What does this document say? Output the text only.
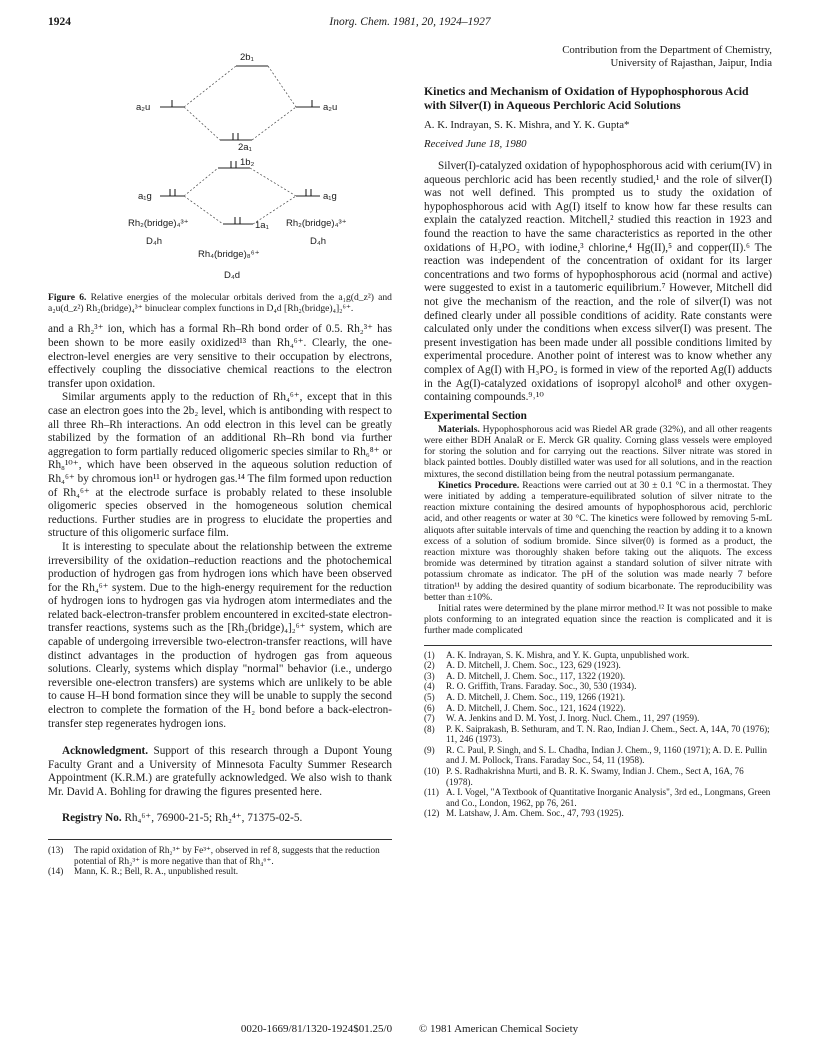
1924	Inorg. Chem. 1981, 20, 1924–1927
2b₁
a₂u	a₂u
2a₁
1b₂
a₁g	a₁g
1a₁
Rh₂(bridge)₄³⁺	Rh₂(bridge)₄³⁺
D₄h	D₄h
Rh₄(bridge)₈⁶⁺
D₄d

Figure 6. Relative energies of the molecular orbitals derived from the a₁g(d_z²) and a₂u(d_z²) Rh₂(bridge)₄³⁺ binuclear complex functions in D₄d [Rh₂(bridge)₄]₂⁶⁺.

and a Rh₂³⁺ ion, which has a formal Rh–Rh bond order of 0.5. Rh₂³⁺ has been shown to be more easily oxidized¹³ than Rh₄⁶⁺. Clearly, the one-electron-level energies are very sensitive to their occupation by electrons, effectively coupling the dissociative chemical reactions to the electron transfer upon oxidation.

Similar arguments apply to the reduction of Rh₄⁶⁺, except that in this case an electron goes into the 2b₂ level, which is antibonding with respect to all three Rh–Rh interactions. An odd electron in this level can be greatly stabilized by the formation of an additional Rh–Rh bond via further aggregation to form partially reduced oligomeric species similar to Rh₆⁸⁺ or Rh₈¹⁰⁺, which have been observed in the aqueous solution reduction of Rh₄⁶⁺ by chromous ion¹¹ or hydrogen gas.¹⁴ The film formed upon reduction of Rh₄⁶⁺ at the electrode surface is probably related to these insoluble oligomeric species observed in the homogeneous solution chemical reductions. Further studies are in progress to elucidate the properties and structure of this oligomeric surface film.

It is interesting to speculate about the relationship between the extreme irreversibility of the oxidation–reduction reactions and the photochemical production of hydrogen gas from hydrogen ions which have been observed for the Rh₄⁶⁺ system. Due to the high-energy requirement for the reduction of hydrogen ions to hydrogen gas via hydrogen atom intermediates and the related back-electron-transfer problem encountered in excited-state electron-transfer reactions, systems such as the [Rh₂(bridge)₄]₂⁶⁺ system, which are capable of undergoing irreversible two-electron-transfer reactions, will have distinct advantages in the production of hydrogen gas from aqueous solutions. Clearly, systems which display "normal" behavior (i.e., undergo reversible one-electron transfers) are systems which are unlikely to be able to cause H–H bond formation since they will be unable to supply the second electron to complete the formation of the H₂ bond before a back-electron-transfer step regenerates hydrogen ions.

Acknowledgment. Support of this research through a Dupont Young Faculty Grant and a University of Minnesota Faculty Summer Research Appointment (K.R.M.) are gratefully acknowledged. We also wish to thank Mr. David A. Bohling for drawing the figures presented here.

Registry No. Rh₄⁶⁺, 76900-21-5; Rh₂⁴⁺, 71375-02-5.

(13)	The rapid oxidation of Rh₂³⁺ by Fe³⁺, observed in ref 8, suggests that the reduction potential of Rh₂³⁺ is more negative than that of Rh₄⁶⁺.
(14)	Mann, K. R.; Bell, R. A., unpublished result.
Contribution from the Department of Chemistry,
University of Rajasthan, Jaipur, India
Kinetics and Mechanism of Oxidation of Hypophosphorous Acid with Silver(I) in Aqueous Perchloric Acid Solutions
A. K. Indrayan, S. K. Mishra, and Y. K. Gupta*
Received June 18, 1980

Silver(I)-catalyzed oxidation of hypophosphorous acid with cerium(IV) in aqueous perchloric acid has been recently studied,¹ and the role of silver(I) was not well defined. This prompted us to study the oxidation of hypophosphorous acid with Ag(I) itself to know how far these results can explain the catalyzed reaction. Mitchell,² studied this reaction in 1923 and found the reaction to have the same characteristics as reported in the other oxidations of H₃PO₂ with iodine,³ chlorine,⁴ Hg(II),⁵ and copper(II).⁶ The reaction was independent of the concentration of oxidant for its larger concentrations and two forms of hypophosphorous acid (normal and active) were suggested to exist in a tautomeric equilibrium.⁷ However, Mitchell did not give the mechanism of the reaction, and the role of silver(I) was not defined clearly under all possible conditions of acidity. Rate constants were calculated only under the conditions when excess silver(I) was present. The present investigation has been made under all possible conditions limited by experimental procedure. Another point of interest was to know whether any complex of Ag(I) with H₃PO₂ is formed in view of the reported Ag(I) adducts in the Ag(I)-catalyzed oxidations of isopropyl alcohol⁸ and other oxygen-containing compounds.⁹˒¹⁰

Experimental Section

Materials. Hypophosphorous acid was Riedel AR grade (32%), and all other reagents were either BDH AnalaR or E. Merck GR quality. Corning glass vessels were employed for storing the solution and for carrying out the reactions. Silver nitrate was stored in black painted bottles. Doubly distilled water was used for all solutions, and in the reaction mixtures, the second distillation being from the neutral potassium permanganate.

Kinetics Procedure. Reactions were carried out at 30 ± 0.1 °C in a thermostat. They were initiated by adding a temperature-equilibrated solution of silver nitrate to the reaction mixture containing the desired amounts of hypophosphorous acid, perchloric acid, and other reagents or water at 30 °C. The kinetics were followed by removing 5-mL aliquots after suitable intervals of time and quenching the reaction by adding it to a known excess of a solution of sodium bromide. Since silver(0) is formed as a product, the reaction mixture was thoroughly shaken before taking out the aliquots. The excess bromide was determined by titration against a standard solution of silver nitrate with potassium chromate as indicator. The pH of the solution was made nearly 7 before titration¹¹ by adding the desired quantity of sodium bicarbonate. The reproducibility was better than ±10%.

Initial rates were determined by the plane mirror method.¹² It was not possible to make plots conforming to an integrated equation since the reaction is complicated and it is further made complicated

(1)	A. K. Indrayan, S. K. Mishra, and Y. K. Gupta, unpublished work.
(2)	A. D. Mitchell, J. Chem. Soc., 123, 629 (1923).
(3)	A. D. Mitchell, J. Chem. Soc., 117, 1322 (1920).
(4)	R. O. Griffith, Trans. Faraday. Soc., 30, 530 (1934).
(5)	A. D. Mitchell, J. Chem. Soc., 119, 1266 (1921).
(6)	A. D. Mitchell, J. Chem. Soc., 121, 1624 (1922).
(7)	W. A. Jenkins and D. M. Yost, J. Inorg. Nucl. Chem., 11, 297 (1959).
(8)	P. K. Saiprakash, B. Sethuram, and T. N. Rao, Indian J. Chem., Sect. A, 14A, 70 (1976); 11, 246 (1973).
(9)	R. C. Paul, P. Singh, and S. L. Chadha, Indian J. Chem., 9, 1160 (1971); A. D. E. Pullin and J. M. Pollock, Trans. Faraday Soc., 54, 11 (1958).
(10) P. S. Radhakrishna Murti, and B. R. K. Swamy, Indian J. Chem., Sect A, 16A, 76 (1978).
(11) A. I. Vogel, "A Textbook of Quantitative Inorganic Analysis", 3rd ed., Longmans, Green and Co., London, 1962, pp 76, 261.
(12) M. Latshaw, J. Am. Chem. Soc., 47, 793 (1925).
0020-1669/81/1320-1924$01.25/0 © 1981 American Chemical Society
